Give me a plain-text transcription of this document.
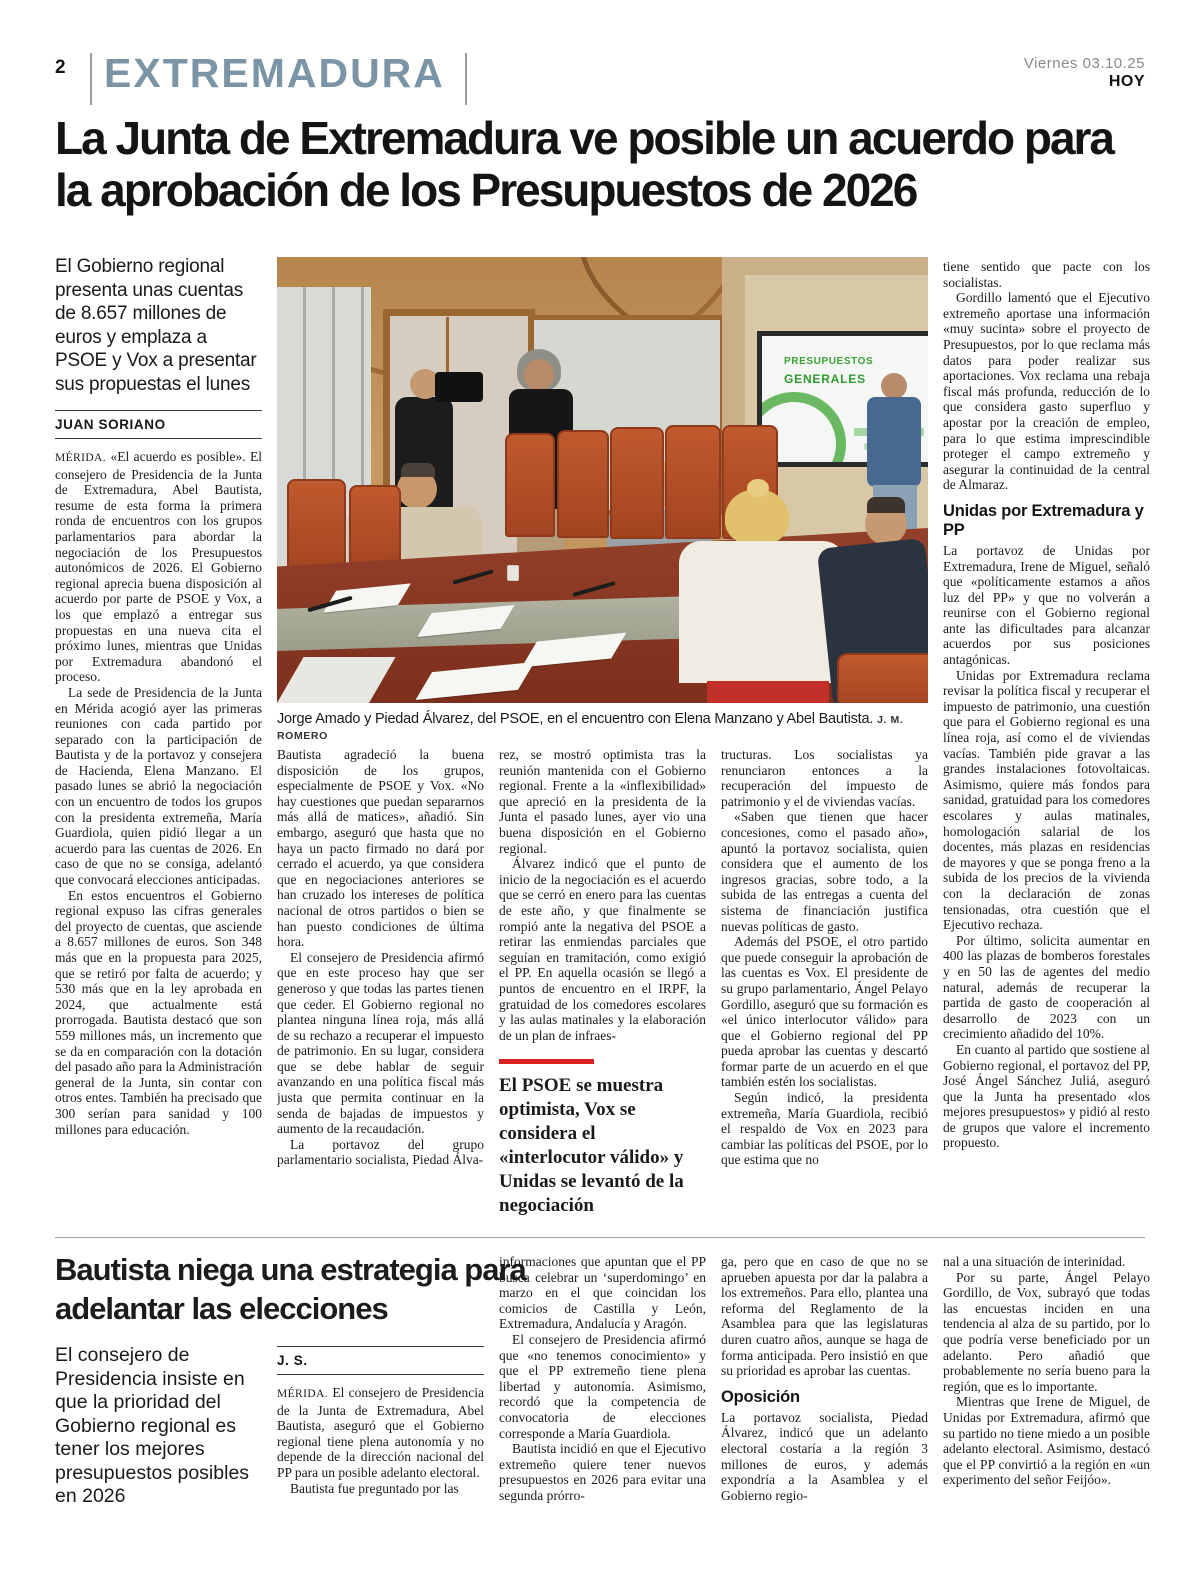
2 EXTREMADURA	Viernes 03.10.25
HOY
La Junta de Extremadura ve posible un acuerdo para la aprobación de los Presupuestos de 2026
El Gobierno regional presenta unas cuentas de 8.657 millones de euros y emplaza a PSOE y Vox a presentar sus propuestas el lunes
JUAN SORIANO

MÉRIDA. «El acuerdo es posible». El consejero de Presidencia de la Junta de Extremadura, Abel Bautista, resume de esta forma la primera ronda de encuentros con los grupos parlamentarios para abordar la negociación de los Presupuestos autonómicos de 2026. El Gobierno regional aprecia buena disposición al acuerdo por parte de PSOE y Vox, a los que emplazó a entregar sus propuestas en una nueva cita el próximo lunes, mientras que Unidas por Extremadura abandonó el proceso.

La sede de Presidencia de la Junta en Mérida acogió ayer las primeras reuniones con cada partido por separado con la participación de Bautista y de la portavoz y consejera de Hacienda, Elena Manzano. El pasado lunes se abrió la negociación con un encuentro de todos los grupos con la presidenta extremeña, María Guardiola, quien pidió llegar a un acuerdo para las cuentas de 2026. En caso de que no se consiga, adelantó que convocará elecciones anticipadas.

En estos encuentros el Gobierno regional expuso las cifras generales del proyecto de cuentas, que asciende a 8.657 millones de euros. Son 348 más que en la propuesta para 2025, que se retiró por falta de acuerdo; y 530 más que en la ley aprobada en 2024, que actualmente está prorrogada. Bautista destacó que son 559 millones más, un incremento que se da en comparación con la dotación del pasado año para la Administración general de la Junta, sin contar con otros entes. También ha precisado que 300 serían para sanidad y 100 millones para educación.

PRESUPUESTOS
GENERALES
Jorge Amado y Piedad Álvarez, del PSOE, en el encuentro con Elena Manzano y Abel Bautista. J. M. ROMERO

Bautista agradeció la buena disposición de los grupos, especialmente de PSOE y Vox. «No hay cuestiones que puedan separarnos más allá de matices», añadió. Sin embargo, aseguró que hasta que no haya un pacto firmado no dará por cerrado el acuerdo, ya que considera que en negociaciones anteriores se han cruzado los intereses de política nacional de otros partidos o bien se han puesto condiciones de última hora.

El consejero de Presidencia afirmó que en este proceso hay que ser generoso y que todas las partes tienen que ceder. El Gobierno regional no plantea ninguna línea roja, más allá de su rechazo a recuperar el impuesto de patrimonio. En su lugar, considera que se debe hablar de seguir avanzando en una política fiscal más justa que permita continuar en la senda de bajadas de impuestos y aumento de la recaudación.

La portavoz del grupo parlamentario socialista, Piedad Álva-

rez, se mostró optimista tras la reunión mantenida con el Gobierno regional. Frente a la «inflexibilidad» que apreció en la presidenta de la Junta el pasado lunes, ayer vio una buena disposición en el Gobierno regional.

Álvarez indicó que el punto de inicio de la negociación es el acuerdo que se cerró en enero para las cuentas de este año, y que finalmente se rompió ante la negativa del PSOE a retirar las enmiendas parciales que seguían en tramitación, como exigió el PP. En aquella ocasión se llegó a puntos de encuentro en el IRPF, la gratuidad de los comedores escolares y las aulas matinales y la elaboración de un plan de infraes-

El PSOE se muestra optimista, Vox se considera el «interlocutor válido» y Unidas se levantó de la negociación

tructuras. Los socialistas ya renunciaron entonces a la recuperación del impuesto de patrimonio y el de viviendas vacías.

«Saben que tienen que hacer concesiones, como el pasado año», apuntó la portavoz socialista, quien considera que el aumento de los ingresos gracias, sobre todo, a la subida de las entregas a cuenta del sistema de financiación justifica nuevas políticas de gasto.

Además del PSOE, el otro partido que puede conseguir la aprobación de las cuentas es Vox. El presidente de su grupo parlamentario, Ángel Pelayo Gordillo, aseguró que su formación es «el único interlocutor válido» para que el Gobierno regional del PP pueda aprobar las cuentas y descartó formar parte de un acuerdo en el que también estén los socialistas.

Según indicó, la presidenta extremeña, María Guardiola, recibió el respaldo de Vox en 2023 para cambiar las políticas del PSOE, por lo que estima que no

tiene sentido que pacte con los socialistas.

Gordillo lamentó que el Ejecutivo extremeño aportase una información «muy sucinta» sobre el proyecto de Presupuestos, por lo que reclama más datos para poder realizar sus aportaciones. Vox reclama una rebaja fiscal más profunda, reducción de lo que considera gasto superfluo y apostar por la creación de empleo, para lo que estima imprescindible proteger el campo extremeño y asegurar la continuidad de la central de Almaraz.

Unidas por Extremadura y PP

La portavoz de Unidas por Extremadura, Irene de Miguel, señaló que «políticamente estamos a años luz del PP» y que no volverán a reunirse con el Gobierno regional ante las dificultades para alcanzar acuerdos por sus posiciones antagónicas.

Unidas por Extremadura reclama revisar la política fiscal y recuperar el impuesto de patrimonio, una cuestión que para el Gobierno regional es una línea roja, así como el de viviendas vacías. También pide gravar a las grandes instalaciones fotovoltaicas. Asimismo, quiere más fondos para sanidad, gratuidad para los comedores escolares y aulas matinales, homologación salarial de los docentes, más plazas en residencias de mayores y que se ponga freno a la subida de los precios de la vivienda con la declaración de zonas tensionadas, otra cuestión que el Ejecutivo rechaza.

Por último, solicita aumentar en 400 las plazas de bomberos forestales y en 50 las de agentes del medio natural, además de recuperar la partida de gasto de cooperación al desarrollo de 2023 con un crecimiento añadido del 10%.

En cuanto al partido que sostiene al Gobierno regional, el portavoz del PP, José Ángel Sánchez Juliá, aseguró que la Junta ha presentado «los mejores presupuestos» y pidió al resto de grupos que valore el incremento propuesto.

Bautista niega una estrategia para adelantar las elecciones
El consejero de Presidencia insiste en que la prioridad del Gobierno regional es tener los mejores presupuestos posibles en 2026
J. S.

MÉRIDA. El consejero de Presidencia de la Junta de Extremadura, Abel Bautista, aseguró que el Gobierno regional tiene plena autonomía y no depende de la dirección nacional del PP para un posible adelanto electoral.

Bautista fue preguntado por las

informaciones que apuntan que el PP busca celebrar un ‘superdomingo’ en marzo en el que coincidan los comicios de Castilla y León, Extremadura, Andalucía y Aragón.

El consejero de Presidencia afirmó que «no tenemos conocimiento» y que el PP extremeño tiene plena libertad y autonomía. Asimismo, recordó que la competencia de convocatoria de elecciones corresponde a María Guardiola.

Bautista incidió en que el Ejecutivo extremeño quiere tener nuevos presupuestos en 2026 para evitar una segunda prórro-

ga, pero que en caso de que no se aprueben apuesta por dar la palabra a los extremeños. Para ello, plantea una reforma del Reglamento de la Asamblea para que las legislaturas duren cuatro años, aunque se haga de forma anticipada. Pero insistió en que su prioridad es aprobar las cuentas.

Oposición

La portavoz socialista, Piedad Álvarez, indicó que un adelanto electoral costaría a la región 3 millones de euros, y además expondría a la Asamblea y el Gobierno regio-

nal a una situación de interinidad.

Por su parte, Ángel Pelayo Gordillo, de Vox, subrayó que todas las encuestas inciden en una tendencia al alza de su partido, por lo que podría verse beneficiado por un adelanto. Pero añadió que probablemente no sería bueno para la región, que es lo importante.

Mientras que Irene de Miguel, de Unidas por Extremadura, afirmó que su partido no tiene miedo a un posible adelanto electoral. Asimismo, destacó que el PP convirtió a la región en «un experimento del señor Feijóo».
